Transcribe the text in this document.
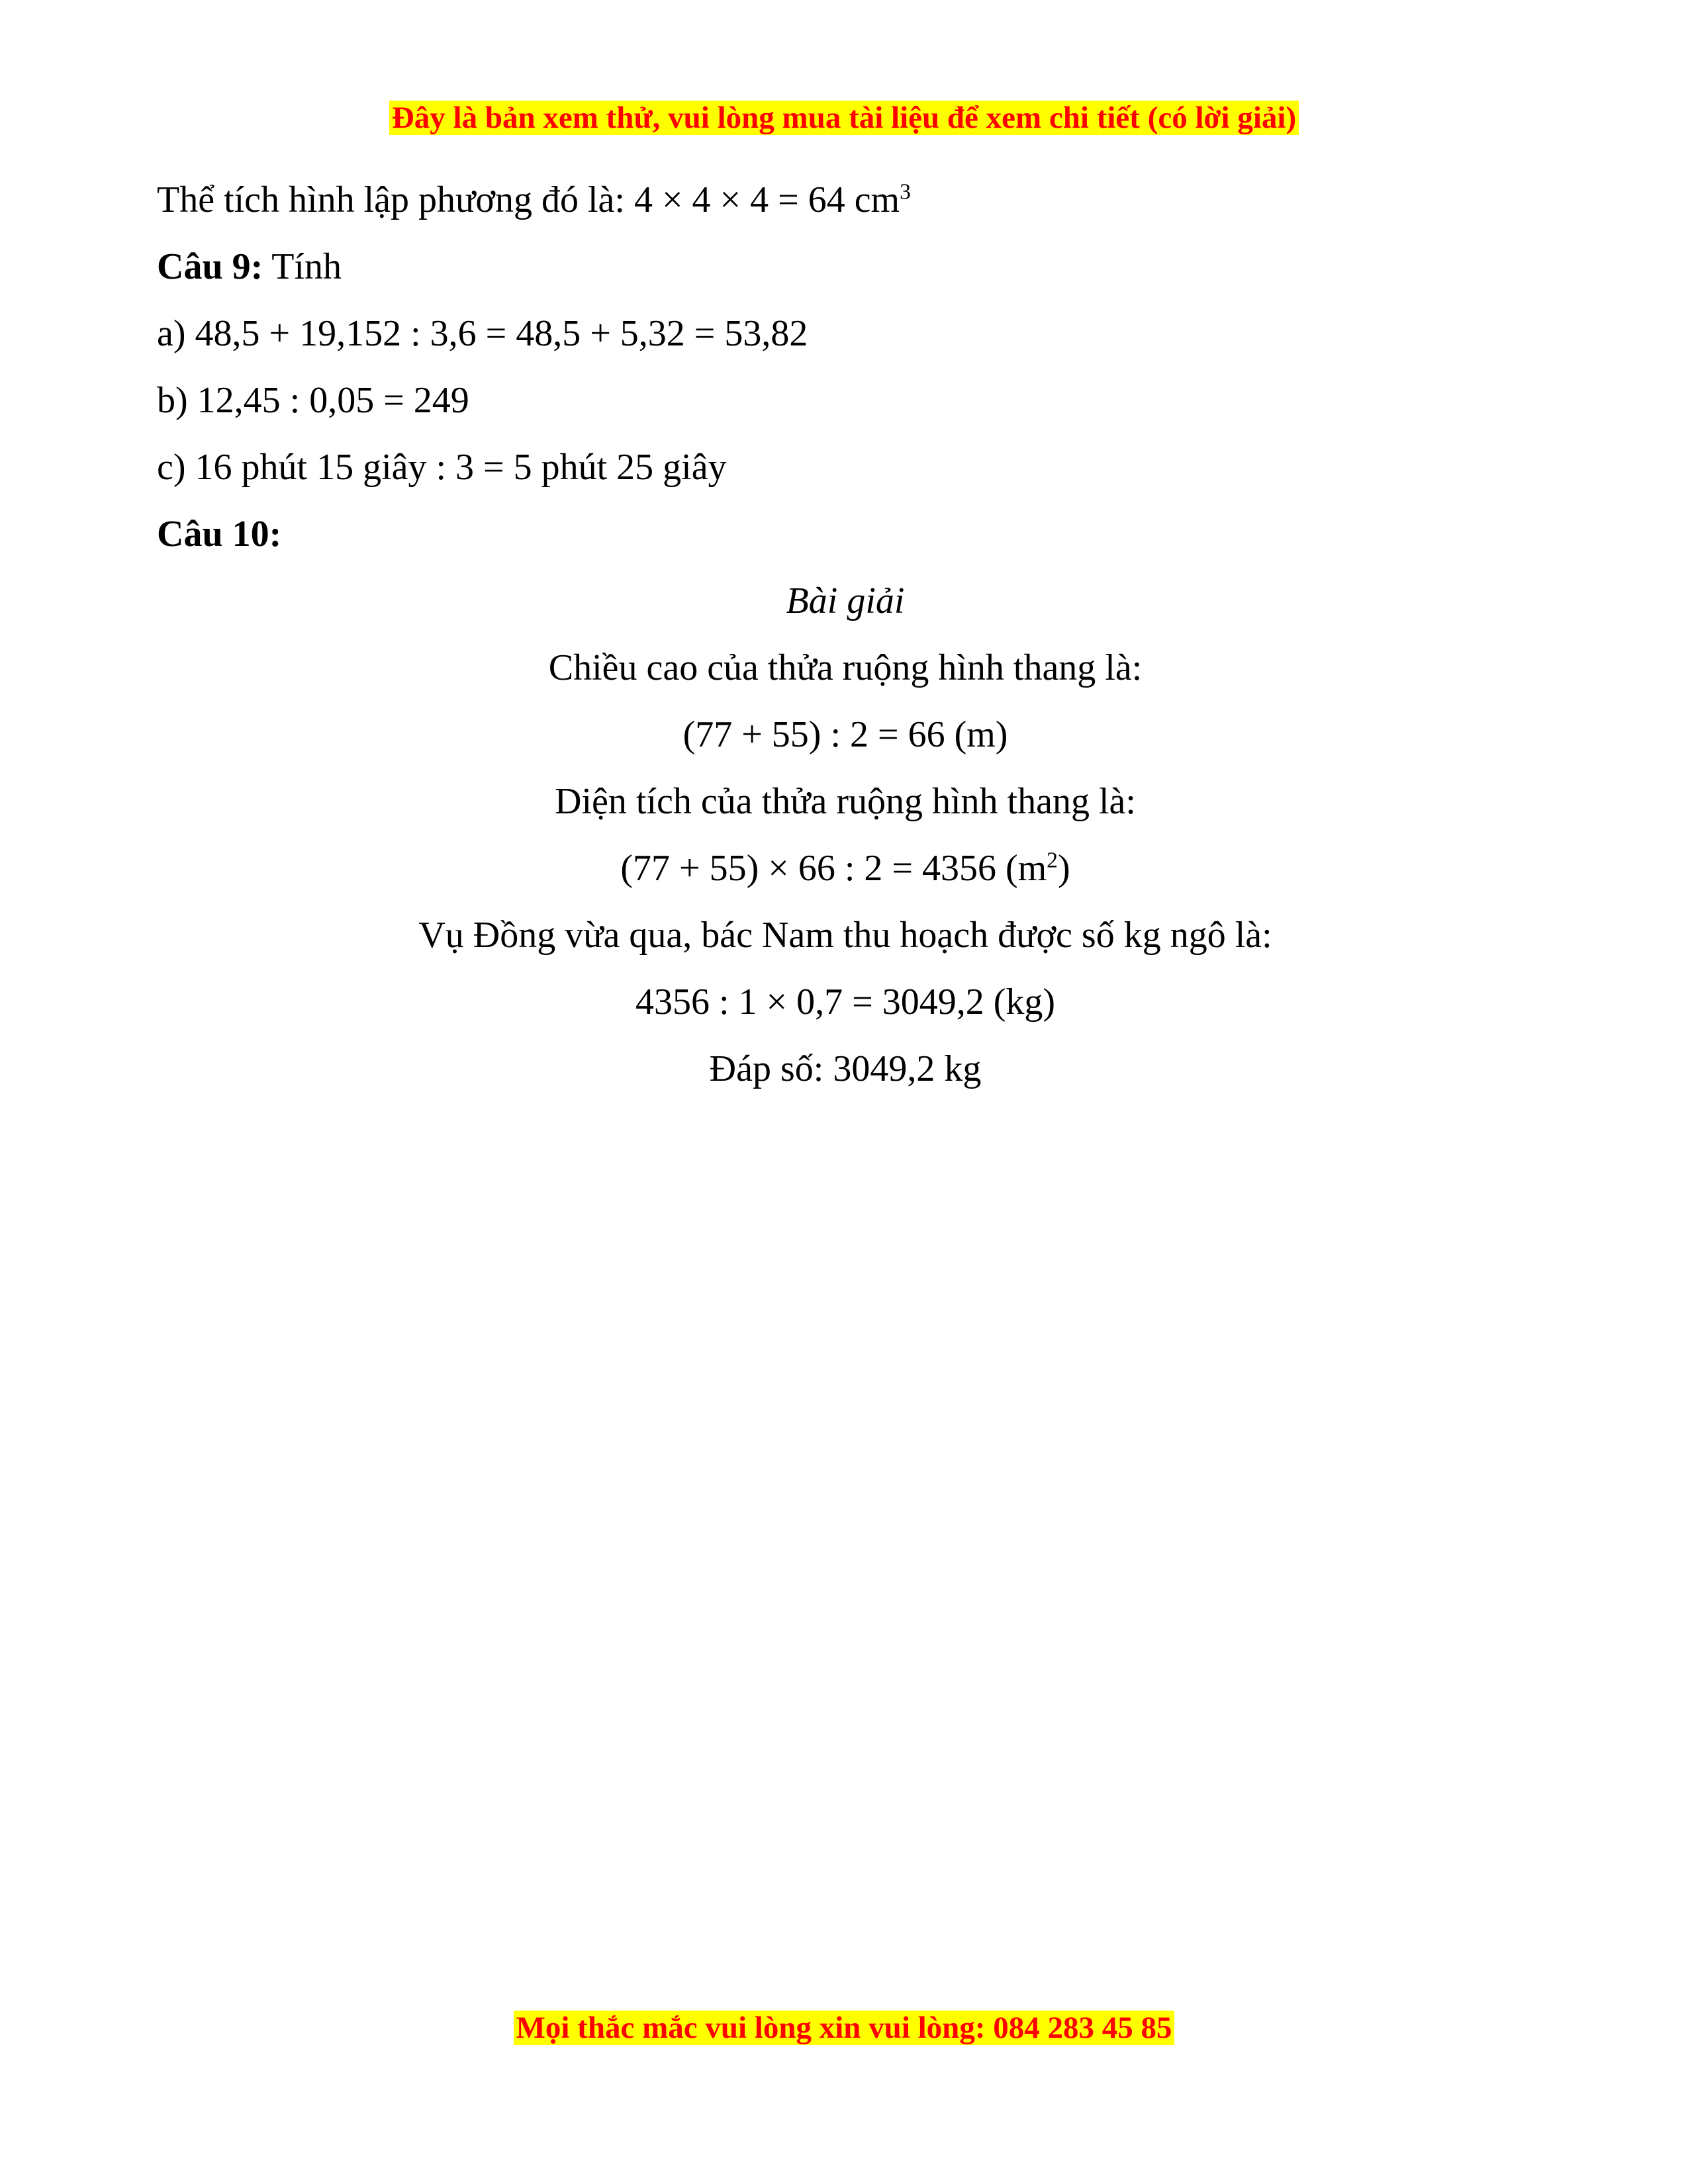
Đây là bản xem thử, vui lòng mua tài liệu để xem chi tiết (có lời giải)
Thể tích hình lập phương đó là: 4 × 4 × 4 = 64 $cm^3$
Câu 9: Tính
a) 48,5 + 19,152 : 3,6 = 48,5 + 5,32 = 53,82
b) 12,45 : 0,05 = 249
c) 16 phút 15 giây : 3 = 5 phút 25 giây
Câu 10:
Bài giải
Chiều cao của thửa ruộng hình thang là:
(77 + 55) : 2 = 66 (m)
Diện tích của thửa ruộng hình thang là:
(77 + 55) × 66 : 2 = 4356 $(m^2)$
Vụ Đồng vừa qua, bác Nam thu hoạch được số kg ngô là:
4356 : 1 × 0,7 = 3049,2 (kg)
Đáp số: 3049,2 kg
Mọi thắc mắc vui lòng xin vui lòng: 084 283 45 85
